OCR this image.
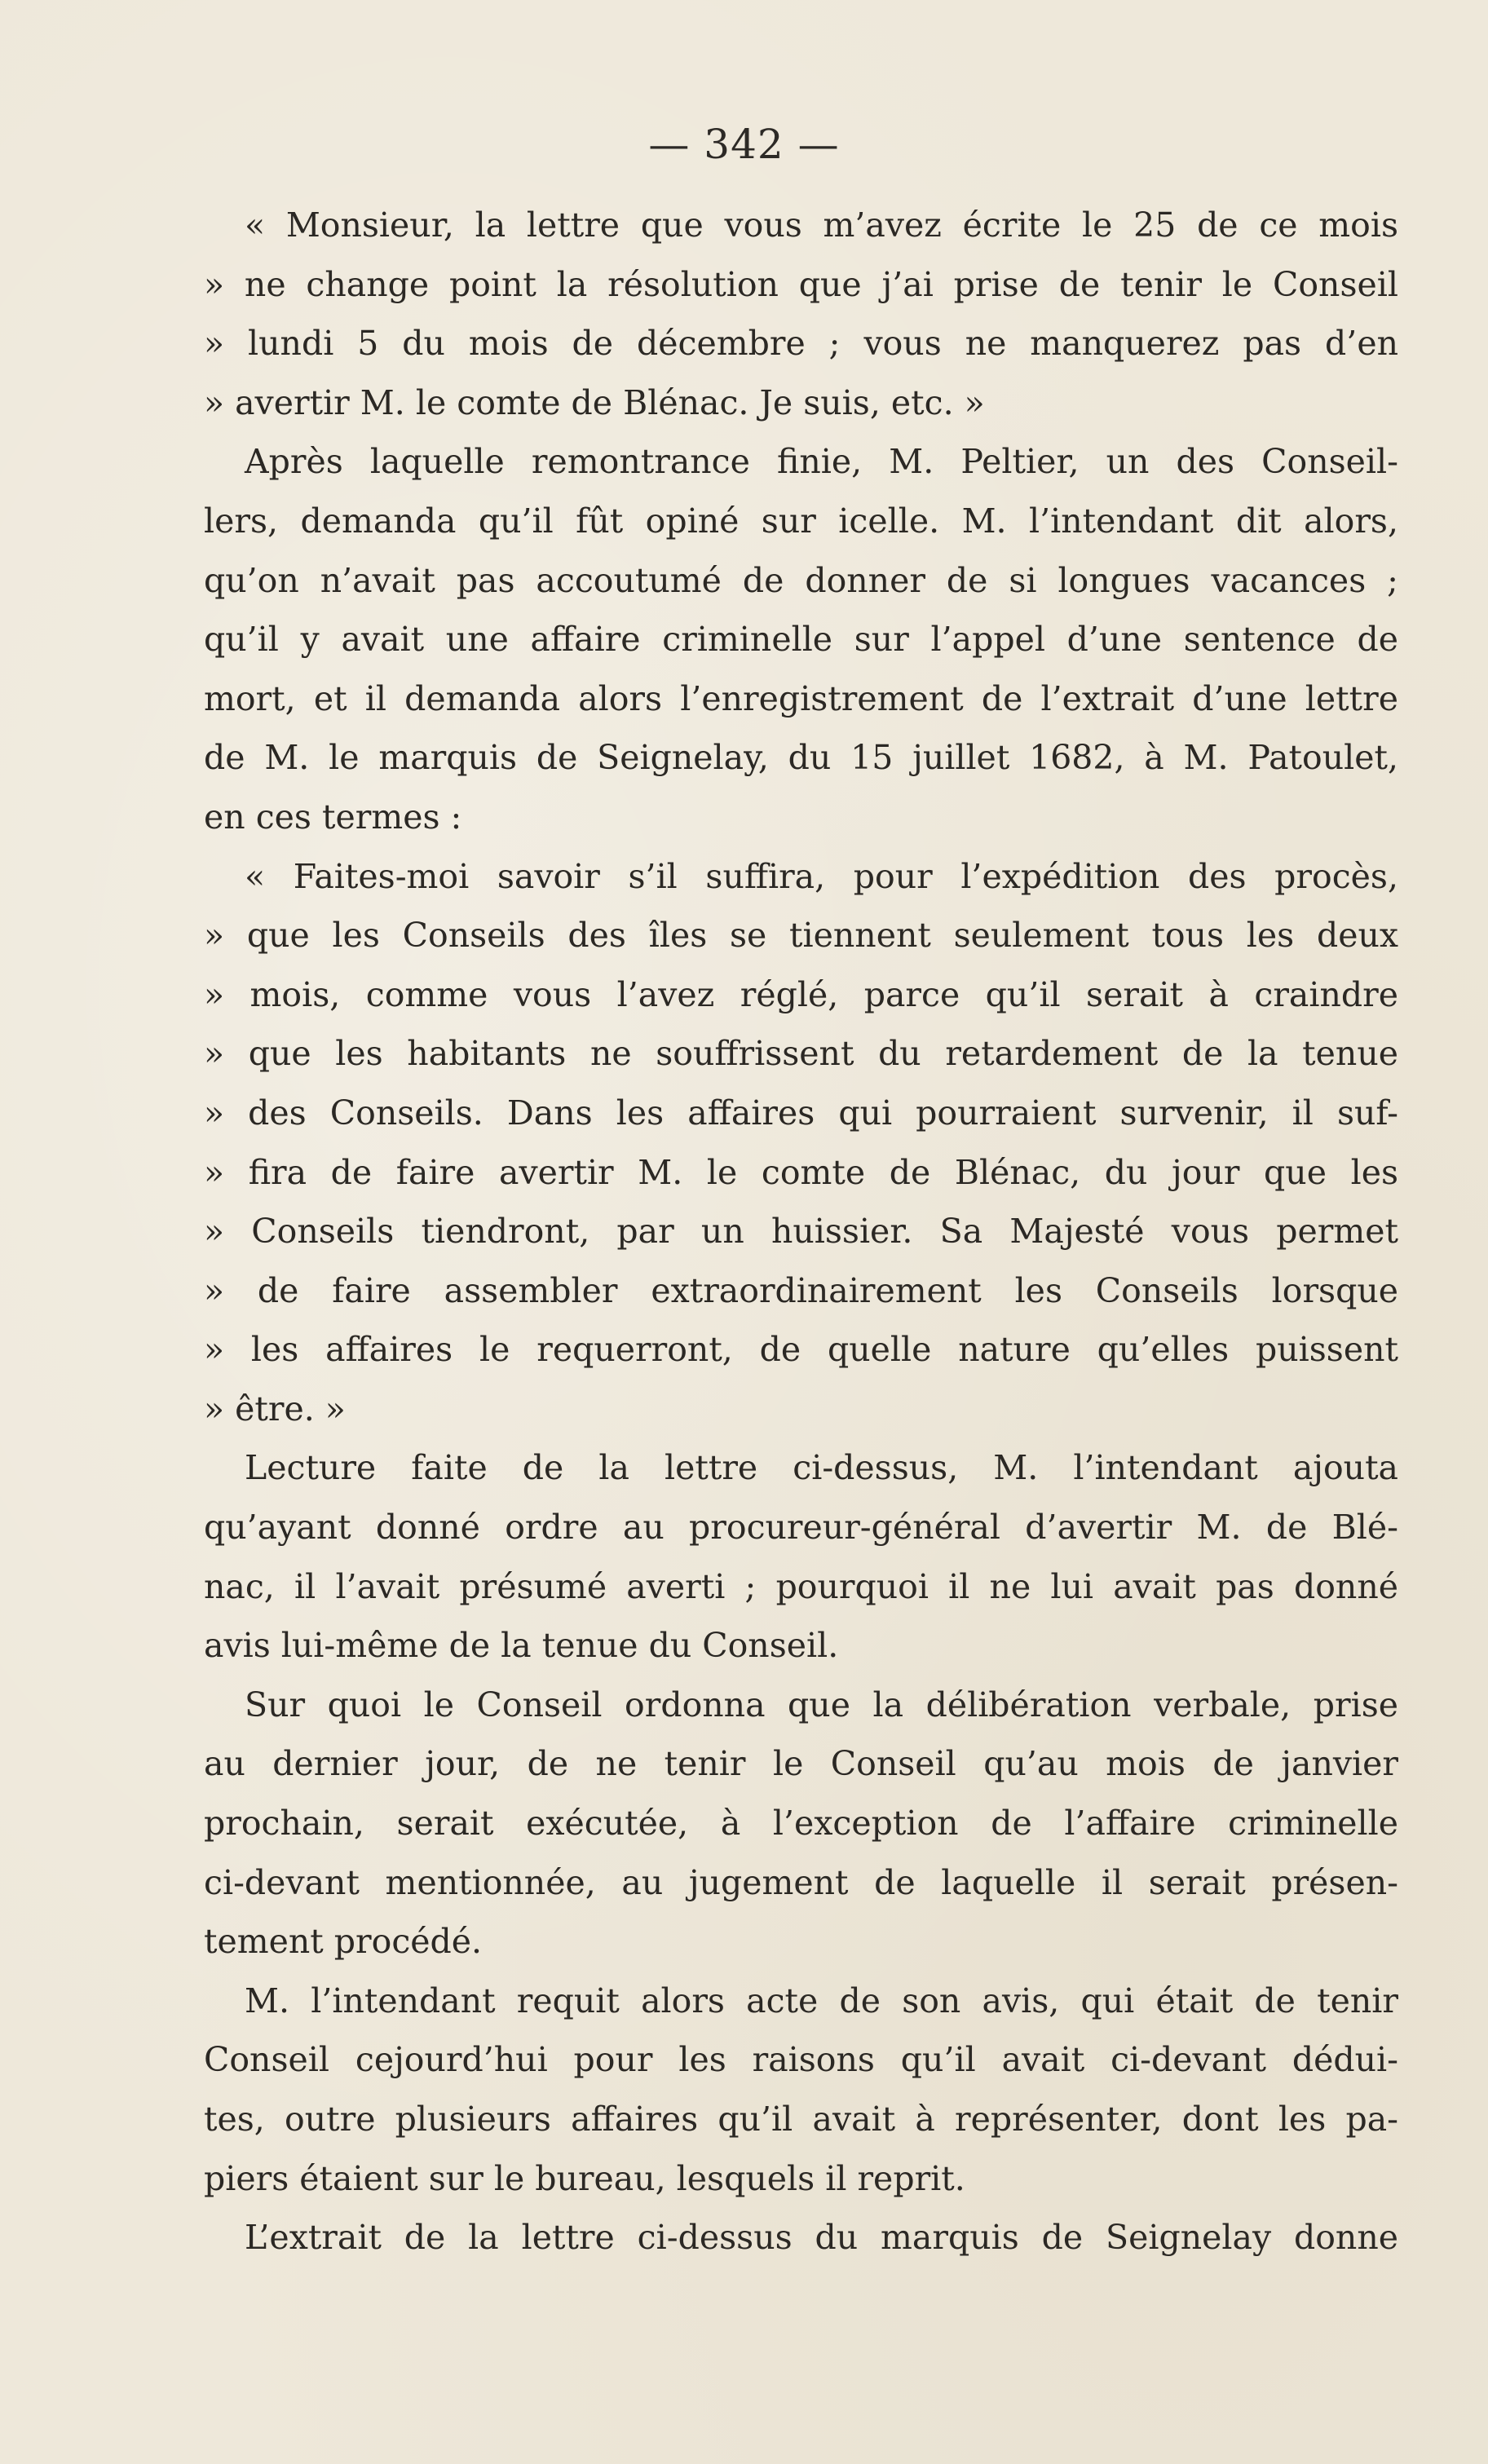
— 342 —
« Monsieur, la lettre que vous m’avez écrite le 25 de ce mois
» ne change point la résolution que j’ai prise de tenir le Conseil
» lundi 5 du mois de décembre ; vous ne manquerez pas d’en
» avertir M. le comte de Blénac. Je suis, etc. »
Après laquelle remontrance finie, M. Peltier, un des Conseil-
lers, demanda qu’il fût opiné sur icelle. M. l’intendant dit alors,
qu’on n’avait pas accoutumé de donner de si longues vacances ;
qu’il y avait une affaire criminelle sur l’appel d’une sentence de
mort, et il demanda alors l’enregistrement de l’extrait d’une lettre
de M. le marquis de Seignelay, du 15 juillet 1682, à M. Patoulet,
en ces termes :
« Faites-moi savoir s’il suffira, pour l’expédition des procès,
» que les Conseils des îles se tiennent seulement tous les deux
» mois, comme vous l’avez réglé, parce qu’il serait à craindre
» que les habitants ne souffrissent du retardement de la tenue
» des Conseils. Dans les affaires qui pourraient survenir, il suf-
» fira de faire avertir M. le comte de Blénac, du jour que les
» Conseils tiendront, par un huissier. Sa Majesté vous permet
» de faire assembler extraordinairement les Conseils lorsque
» les affaires le requerront, de quelle nature qu’elles puissent
» être. »
Lecture faite de la lettre ci-dessus, M. l’intendant ajouta
qu’ayant donné ordre au procureur-général d’avertir M. de Blé-
nac, il l’avait présumé averti ; pourquoi il ne lui avait pas donné
avis lui-même de la tenue du Conseil.
Sur quoi le Conseil ordonna que la délibération verbale, prise
au dernier jour, de ne tenir le Conseil qu’au mois de janvier
prochain, serait exécutée, à l’exception de l’affaire criminelle
ci-devant mentionnée, au jugement de laquelle il serait présen-
tement procédé.
M. l’intendant requit alors acte de son avis, qui était de tenir
Conseil cejourd’hui pour les raisons qu’il avait ci-devant dédui-
tes, outre plusieurs affaires qu’il avait à représenter, dont les pa-
piers étaient sur le bureau, lesquels il reprit.
L’extrait de la lettre ci-dessus du marquis de Seignelay donne
